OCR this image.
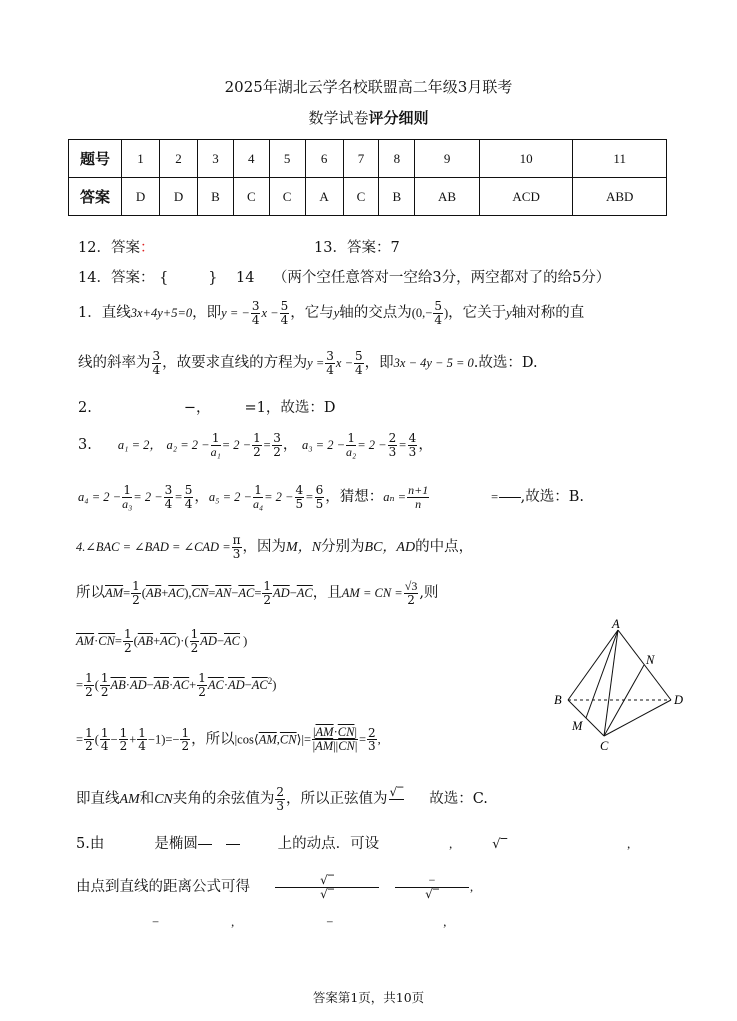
2025年湖北云学名校联盟高二年级3月联考
数学试卷评分细则
题号	1	2	3	4	5	6	7	8	9	10	11
答案	D	D	B	C	C	A	C	B	AB	ACD	ABD
12．答案：	13．答案：7
14．答案： {	} 14 （两个空任意答对一空给3分，两空都对了的给5分）
1．直线3x+4y+5=0，即y = − $\frac{3}{4}$ $x - \frac{5}{4}$ ，它与y轴的交点为($0,- \frac{5}{4}$ )，它关于y轴对称的直
线的斜率为 $\frac{3}{4}$ ，故要求直线的方程为$y = \frac{3}{4}$ $x - \frac{5}{4}$ ，即3x − 4y − 5 = 0.故选：D.
2.	−， =1，故选：D
3. a₁ = 2， $a_2 = 2 - \frac{1}{\text{a₁}} = 2 - \frac{1}{2} = \frac{3}{2}$ ， $a_3 = 2 - \frac{1}{\text{a₂}} = 2 - \frac{2}{3} = \frac{4}{3}$ ，
$a_4 = 2 - \frac{1}{\text{a₃}} = 2 - \frac{3}{4} = \frac{5}{4}$ ，$a_5 = 2 - \frac{1}{\text{a₄}} = 2 - \frac{4}{5} = \frac{6}{5}$ ，猜想：$a_n = \frac{n+1}{n}$	= ,故选：B.
4.∠BAC = ∠BAD = ∠CAD = $\frac{\pi}{3}$ ，因为M，N分别为BC，AD的中点，
所以$\overline{AM}= \frac{1}{2} (\overline{AB}+\overline{AC}),\overline{CN}=\overline{AN}-\overline{AC}= \frac{1}{2} \overline{AD}-\overline{AC}$，且AM = CN = $\frac{√3}{2}$ ,则
$\overline{AM}\cdot\overline{CN}= \frac{1}{2} (\overline{AB}+\overline{AC})\cdot( \frac{1}{2} \overline{AD}-\overline{AC}$ )
= $\frac{1}{2}$ ( $\frac{1}{2} \overline{AB}\cdot\overline{AD}-\overline{AB}\cdot\overline{AC}+ \frac{1}{2} \overline{AC}\cdot\overline{AD}-\overline{AC}^2$)
= $\frac{1}{2}$ ( $\frac{1}{4} - \frac{1}{2} + \frac{1}{4} -1)=- \frac{1}{2}$ ，所以$|\cos⟨\overline{AM},\overline{CN}⟩|= \frac{|\overline{AM}\cdot\overline{CN}|}{|\overline{AM}||\overline{CN}|} = \frac{2}{3}$ ,
即直线AM和CN夹角的余弦值为 $\frac{2}{3}$ ，所以正弦值为 √‾
故选：C.
A
B
C
D
M
N
5.由	是椭圆	上的动点．可设	,	√‾	,
由点到直线的距离公式可得 $\frac{√‾}{√‾} \frac{-}{√‾}$ ,
−	,	−	,
答案第1页，共10页
